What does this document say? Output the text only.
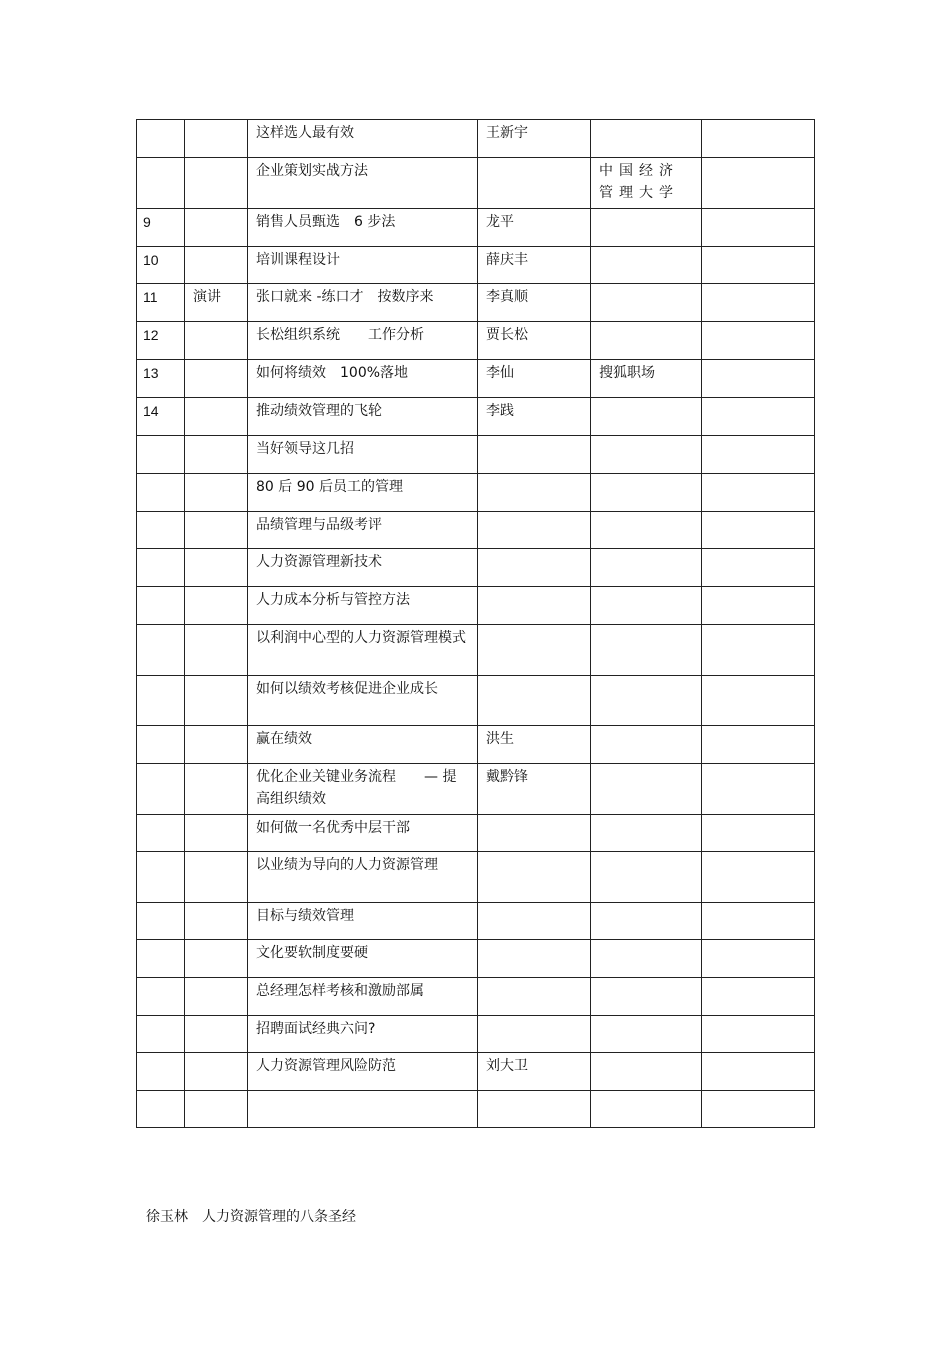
		这样选人最有效	王新宇		
		企业策划实战方法		中国经济管理大学	
9		销售人员甄选　6 步法	龙平		
10		培训课程设计	薛庆丰		
11	演讲	张口就来 -练口才　按数序来	李真顺		
12		长松组织系统　　工作分析	贾长松		
13		如何将绩效　100%落地	李仙	搜狐职场	
14		推动绩效管理的飞轮	李践		
		当好领导这几招			
		80 后 90 后员工的管理			
		品绩管理与品级考评			
		人力资源管理新技术			
		人力成本分析与管控方法			
		以利润中心型的人力资源管理模式			
		如何以绩效考核促进企业成长			
		赢在绩效	洪生		
		优化企业关键业务流程　　— 提高组织绩效	戴黔锋		
		如何做一名优秀中层干部			
		以业绩为导向的人力资源管理			
		目标与绩效管理			
		文化要软制度要硬			
		总经理怎样考核和激励部属			
		招聘面试经典六问?			
		人力资源管理风险防范	刘大卫		

徐玉林　人力资源管理的八条圣经
